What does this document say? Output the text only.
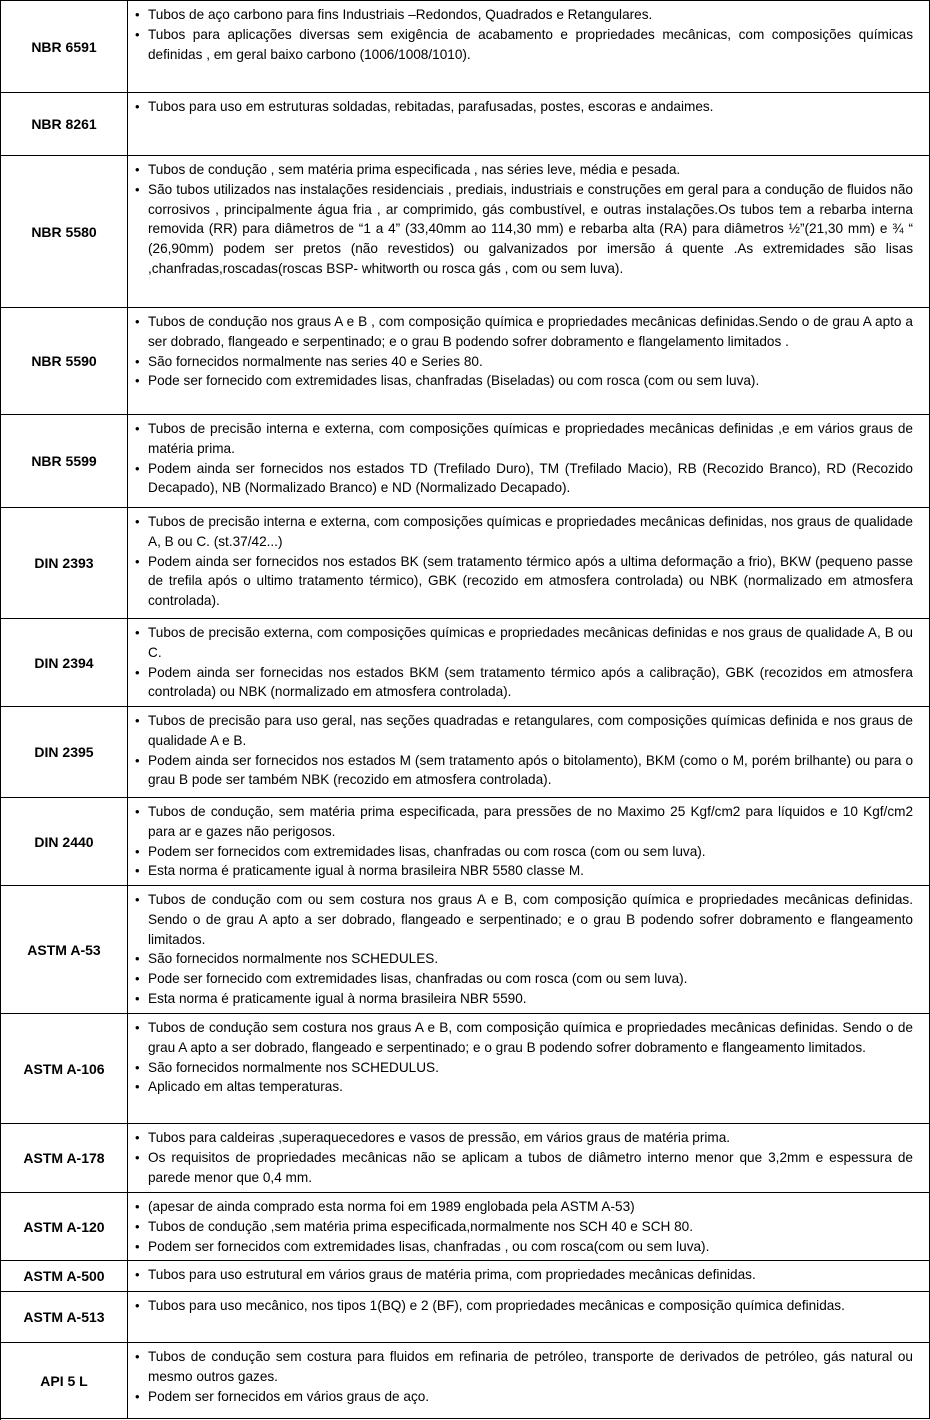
NBR 6591
• Tubos de aço carbono para fins Industriais –Redondos, Quadrados e Retangulares.
• Tubos para aplicações diversas sem exigência de acabamento e propriedades mecânicas, com composições químicas definidas , em geral baixo carbono (1006/1008/1010).
NBR 8261
• Tubos para uso em estruturas soldadas, rebitadas, parafusadas, postes, escoras e andaimes.
NBR 5580
• Tubos de condução , sem matéria prima especificada , nas séries leve, média e pesada.
• São tubos utilizados nas instalações residenciais , prediais, industriais e construções em geral para a condução de fluidos não corrosivos , principalmente água fria , ar comprimido, gás combustível, e outras instalações.Os tubos tem a rebarba interna removida (RR) para diâmetros de “1 a 4” (33,40mm ao 114,30 mm) e rebarba alta (RA) para diâmetros ½”(21,30 mm) e ¾ “ (26,90mm) podem ser pretos (não revestidos) ou galvanizados por imersão á quente .As extremidades são lisas ,chanfradas,roscadas(roscas BSP- whitworth ou rosca gás , com ou sem luva).
NBR 5590
• Tubos de condução nos graus A e B , com composição química e propriedades mecânicas definidas.Sendo o de grau A apto a ser dobrado, flangeado e serpentinado; e o grau B podendo sofrer dobramento e flangelamento limitados .
• São fornecidos normalmente nas series 40 e Series 80.
• Pode ser fornecido com extremidades lisas, chanfradas (Biseladas) ou com rosca (com ou sem luva).
NBR 5599
• Tubos de precisão interna e externa, com composições químicas e propriedades mecânicas definidas ,e em vários graus de matéria prima.
• Podem ainda ser fornecidos nos estados TD (Trefilado Duro), TM (Trefilado Macio), RB (Recozido Branco), RD (Recozido Decapado), NB (Normalizado Branco) e ND (Normalizado Decapado).
DIN 2393
• Tubos de precisão interna e externa, com composições químicas e propriedades mecânicas definidas, nos graus de qualidade A, B ou C. (st.37/42...)
• Podem ainda ser fornecidos nos estados BK (sem tratamento térmico após a ultima deformação a frio), BKW (pequeno passe de trefila após o ultimo tratamento térmico), GBK (recozido em atmosfera controlada) ou NBK (normalizado em atmosfera controlada).
DIN 2394
• Tubos de precisão externa, com composições químicas e propriedades mecânicas definidas e nos graus de qualidade A, B ou C.
• Podem ainda ser fornecidas nos estados BKM (sem tratamento térmico após a calibração), GBK (recozidos em atmosfera controlada) ou NBK (normalizado em atmosfera controlada).
DIN 2395
• Tubos de precisão para uso geral, nas seções quadradas e retangulares, com composições químicas definida e nos graus de qualidade A e B.
• Podem ainda ser fornecidos nos estados M (sem tratamento após o bitolamento), BKM (como o M, porém brilhante) ou para o grau B pode ser também NBK (recozido em atmosfera controlada).
DIN 2440
• Tubos de condução, sem matéria prima especificada, para pressões de no Maximo 25 Kgf/cm2 para líquidos e 10 Kgf/cm2 para ar e gazes não perigosos.
• Podem ser fornecidos com extremidades lisas, chanfradas ou com rosca (com ou sem luva).
• Esta norma é praticamente igual à norma brasileira NBR 5580 classe M.
ASTM A-53
• Tubos de condução com ou sem costura nos graus A e B, com composição química e propriedades mecânicas definidas. Sendo o de grau A apto a ser dobrado, flangeado e serpentinado; e o grau B podendo sofrer dobramento e flangeamento limitados.
• São fornecidos normalmente nos SCHEDULES.
• Pode ser fornecido com extremidades lisas, chanfradas ou com rosca (com ou sem luva).
• Esta norma é praticamente igual à norma brasileira NBR 5590.
ASTM A-106
• Tubos de condução sem costura nos graus A e B, com composição química e propriedades mecânicas definidas. Sendo o de grau A apto a ser dobrado, flangeado e serpentinado; e o grau B podendo sofrer dobramento e flangeamento limitados.
• São fornecidos normalmente nos SCHEDULUS.
• Aplicado em altas temperaturas.
ASTM A-178
• Tubos para caldeiras ,superaquecedores e vasos de pressão, em vários graus de matéria prima.
• Os requisitos de propriedades mecânicas não se aplicam a tubos de diâmetro interno menor que 3,2mm e espessura de parede menor que 0,4 mm.
ASTM A-120
• (apesar de ainda comprado esta norma foi em 1989 englobada pela ASTM A-53)
• Tubos de condução ,sem matéria prima especificada,normalmente nos SCH 40 e SCH 80.
• Podem ser fornecidos com extremidades lisas, chanfradas , ou com rosca(com ou sem luva).
ASTM A-500
•	Tubos para uso estrutural em vários graus de matéria prima, com propriedades mecânicas definidas.
ASTM A-513
• Tubos para uso mecânico, nos tipos 1(BQ) e 2 (BF), com propriedades mecânicas e composição química definidas.
API 5 L
• Tubos de condução sem costura para fluidos em refinaria de petróleo, transporte de derivados de petróleo, gás natural ou mesmo outros gazes.
• Podem ser fornecidos em vários graus de aço.
